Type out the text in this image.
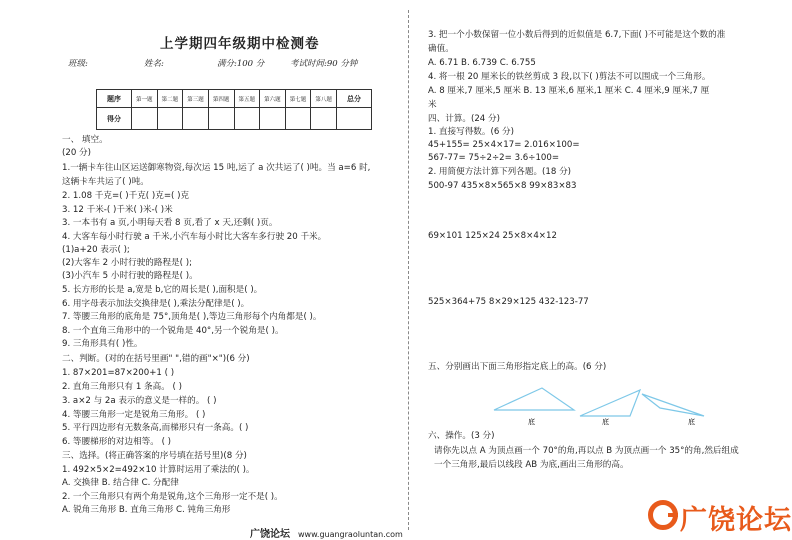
上学期四年级期中检测卷
班级:	姓名:	满分:100 分	考试时间:90 分钟
题序	第一题	第二题	第三题	第四题	第五题	第六题	第七题	第八题	总分
得分									
一、 填空。
(20 分)
1.一辆卡车往山区运送御寒物资,每次运 15 吨,运了 a 次共运了( )吨。当 a=6 时,
这辆卡车共运了( )吨。
2. 1.08 千克=( )千克( )克=( )克
3. 12 千米-( )千米( )米-( )米
3. 一本书有 a 页,小明每天看 8 页,看了 x 天,还剩( )页。
4. 大客车每小时行驶 a 千米,小汽车每小时比大客车多行驶 20 千米。
(1)a+20 表示( );
(2)大客车 2 小时行驶的路程是( );
(3)小汽车 5 小时行驶的路程是( )。
5. 长方形的长是 a,宽是 b,它的周长是( ),面积是( )。
6. 用字母表示加法交换律是( ),乘法分配律是( )。
7. 等腰三角形的底角是 75°,顶角是( ),等边三角形每个内角都是( )。
8. 一个直角三角形中的一个锐角是 40°,另一个锐角是( )。
9. 三角形具有( )性。
二、判断。(对的在括号里画" ",错的画"×")(6 分)
1. 87×201=87×200+1 ( )
2. 直角三角形只有 1 条高。 ( )
3. a×2 与 2a 表示的意义是一样的。 ( )
4. 等腰三角形一定是锐角三角形。 ( )
5. 平行四边形有无数条高,而梯形只有一条高。( )
6. 等腰梯形的对边相等。 ( )
三、选择。(将正确答案的序号填在括号里)(8 分)
1. 492×5×2=492×10 计算时运用了乘法的( )。
A. 交换律 B. 结合律 C. 分配律
2. 一个三角形只有两个角是锐角,这个三角形一定不是( )。
A. 锐角三角形 B. 直角三角形 C. 钝角三角形
3. 把一个小数保留一位小数后得到的近似值是 6.7,下面( )不可能是这个数的准
确值。
A. 6.71 B. 6.739 C. 6.755
4. 将一根 20 厘米长的铁丝剪成 3 段,以下( )剪法不可以围成一个三角形。
A. 8 厘米,7 厘米,5 厘米 B. 13 厘米,6 厘米,1 厘米 C. 4 厘米,9 厘米,7 厘
米
四、计算。(24 分)
1. 直接写得数。(6 分)
45+155= 25×4×17= 2.016×100=
567-77= 75÷2÷2= 3.6÷100=
2. 用简便方法计算下列各题。(18 分)
500-97 435×8×565×8 99×83×83
69×101 125×24 25×8×4×12
525×364+75 8×29×125 432-123-77
五、分别画出下面三角形指定底上的高。(6 分)
六、操作。(3 分)
请你先以点 A 为顶点画一个 70°的角,再以点 B 为顶点画一个 35°的角,然后组成
一个三角形,最后以线段 AB 为底,画出三角形的高。
底	底	底
广饶论坛 www.guangraoluntan.com	广饶论坛
